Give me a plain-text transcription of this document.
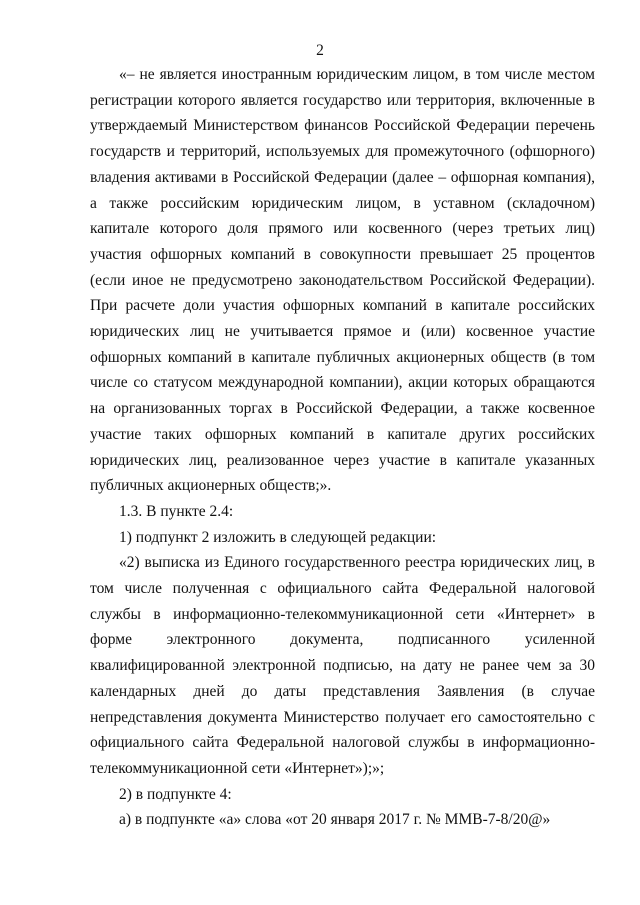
2

«– не является иностранным юридическим лицом, в том числе местом регистрации которого является государство или территория, включенные в утверждаемый Министерством финансов Российской Федерации перечень государств и территорий, используемых для промежуточного (офшорного) владения активами в Российской Федерации (далее – офшорная компания), а также российским юридическим лицом, в уставном (складочном) капитале которого доля прямого или косвенного (через третьих лиц) участия офшорных компаний в совокупности превышает 25 процентов (если иное не предусмотрено законодательством Российской Федерации). При расчете доли участия офшорных компаний в капитале российских юридических лиц не учитывается прямое и (или) косвенное участие офшорных компаний в капитале публичных акционерных обществ (в том числе со статусом международной компании), акции которых обращаются на организованных торгах в Российской Федерации, а также косвенное участие таких офшорных компаний в капитале других российских юридических лиц, реализованное через участие в капитале указанных публичных акционерных обществ;».

1.3. В пункте 2.4:

1) подпункт 2 изложить в следующей редакции:

«2) выписка из Единого государственного реестра юридических лиц, в том числе полученная с официального сайта Федеральной налоговой службы в информационно-телекоммуникационной сети «Интернет» в форме электронного документа, подписанного усиленной квалифицированной электронной подписью, на дату не ранее чем за 30 календарных дней до даты представления Заявления (в случае непредставления документа Министерство получает его самостоятельно с официального сайта Федеральной налоговой службы в информационно-телекоммуникационной сети «Интернет»);»;

2) в подпункте 4:

а) в подпункте «а» слова «от 20 января 2017 г. № ММВ-7-8/20@»
